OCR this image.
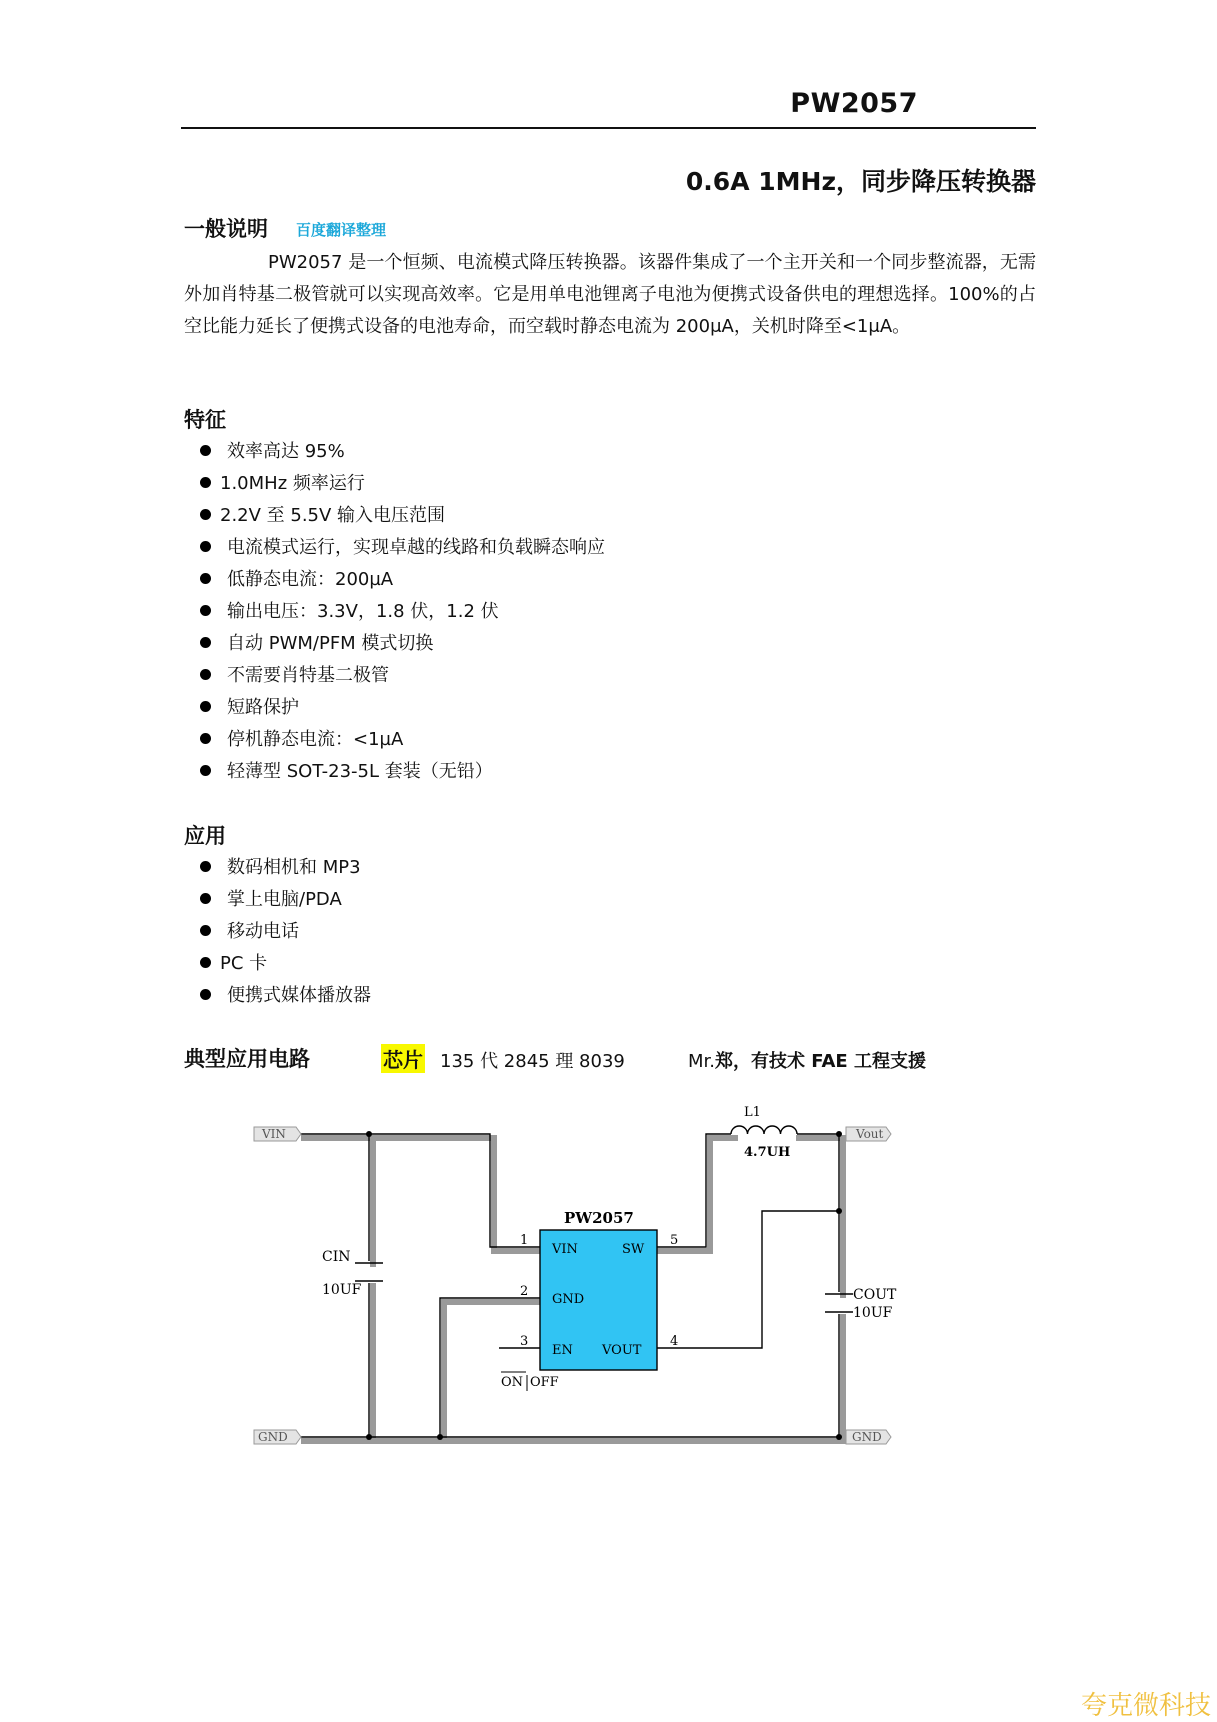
PW2057
0.6A 1MHz，同步降压转换器
一般说明 百度翻译整理
PW2057 是一个恒频、电流模式降压转换器。该器件集成了一个主开关和一个同步整流器，无需外加肖特基二极管就可以实现高效率。它是用单电池锂离子电池为便携式设备供电的理想选择。100%的占空比能力延长了便携式设备的电池寿命，而空载时静态电流为 200μA，关机时降至<1μA。
特征
效率高达 95%
1.0MHz 频率运行
2.2V 至 5.5V 输入电压范围
电流模式运行，实现卓越的线路和负载瞬态响应
低静态电流：200µA
输出电压：3.3V，1.8 伏，1.2 伏
自动 PWM/PFM 模式切换
不需要肖特基二极管
短路保护
停机静态电流：<1µA
轻薄型 SOT-23-5L 套装（无铅）
应用
数码相机和 MP3
掌上电脑/PDA
移动电话
PC 卡
便携式媒体播放器
典型应用电路	芯片 135 代 2845 理 8039	Mr.郑，有技术 FAE 工程支援
VIN
GND
Vout
GND
L1
4.7UH
CIN
10UF	COUT
10UF
PW2057
1
2
3	4
5
VIN	SW
GND
EN VOUT
ON OFF
夸克微科技
